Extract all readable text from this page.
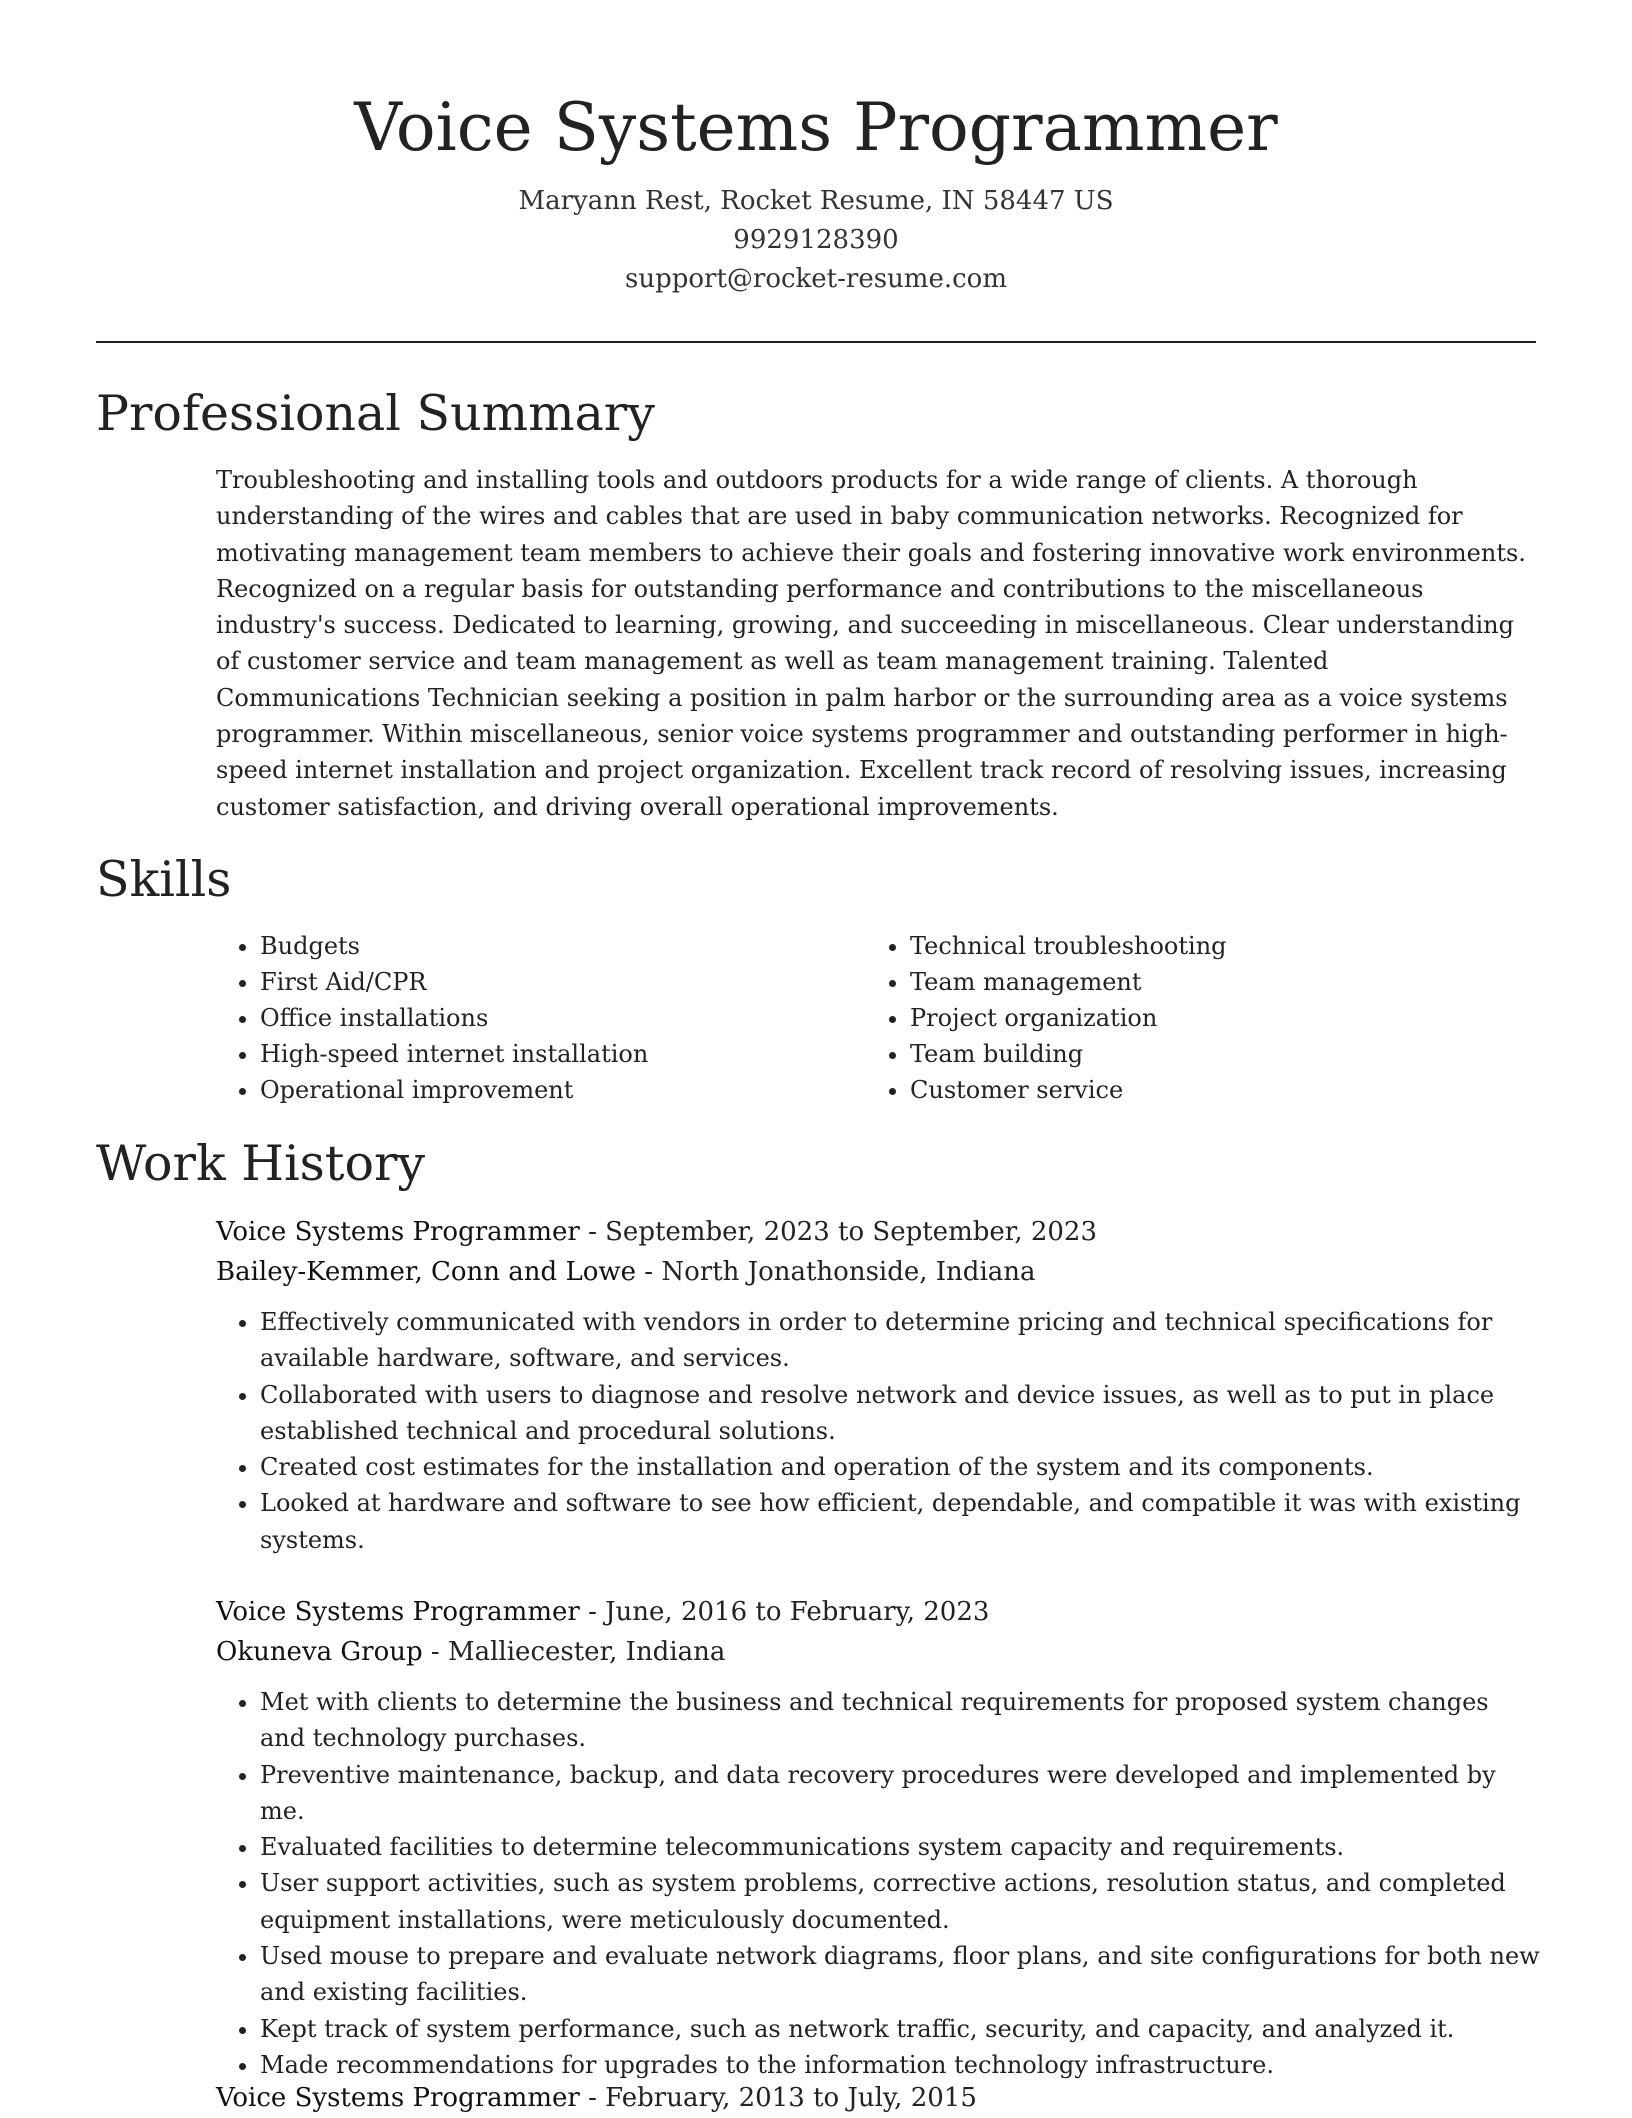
Voice Systems Programmer
Maryann Rest, Rocket Resume, IN 58447 US
9929128390
support@rocket-resume.com
Professional Summary
Troubleshooting and installing tools and outdoors products for a wide range of clients. A thorough understanding of the wires and cables that are used in baby communication networks. Recognized for motivating management team members to achieve their goals and fostering innovative work environments. Recognized on a regular basis for outstanding performance and contributions to the miscellaneous industry's success. Dedicated to learning, growing, and succeeding in miscellaneous. Clear understanding of customer service and team management as well as team management training. Talented Communications Technician seeking a position in palm harbor or the surrounding area as a voice systems programmer. Within miscellaneous, senior voice systems programmer and outstanding performer in high-speed internet installation and project organization. Excellent track record of resolving issues, increasing customer satisfaction, and driving overall operational improvements.
Skills
• Budgets
• First Aid/CPR
• Office installations
• High-speed internet installation
• Operational improvement
• Technical troubleshooting
• Team management
• Project organization
• Team building
• Customer service
Work History
Voice Systems Programmer - September, 2023 to September, 2023
Bailey-Kemmer, Conn and Lowe - North Jonathonside, Indiana
• Effectively communicated with vendors in order to determine pricing and technical specifications for available hardware, software, and services.
• Collaborated with users to diagnose and resolve network and device issues, as well as to put in place established technical and procedural solutions.
• Created cost estimates for the installation and operation of the system and its components.
• Looked at hardware and software to see how efficient, dependable, and compatible it was with existing systems.
Voice Systems Programmer - June, 2016 to February, 2023
Okuneva Group - Malliecester, Indiana
• Met with clients to determine the business and technical requirements for proposed system changes and technology purchases.
• Preventive maintenance, backup, and data recovery procedures were developed and implemented by me.
• Evaluated facilities to determine telecommunications system capacity and requirements.
• User support activities, such as system problems, corrective actions, resolution status, and completed equipment installations, were meticulously documented.
• Used mouse to prepare and evaluate network diagrams, floor plans, and site configurations for both new and existing facilities.
• Kept track of system performance, such as network traffic, security, and capacity, and analyzed it.
• Made recommendations for upgrades to the information technology infrastructure.
Voice Systems Programmer - February, 2013 to July, 2015
